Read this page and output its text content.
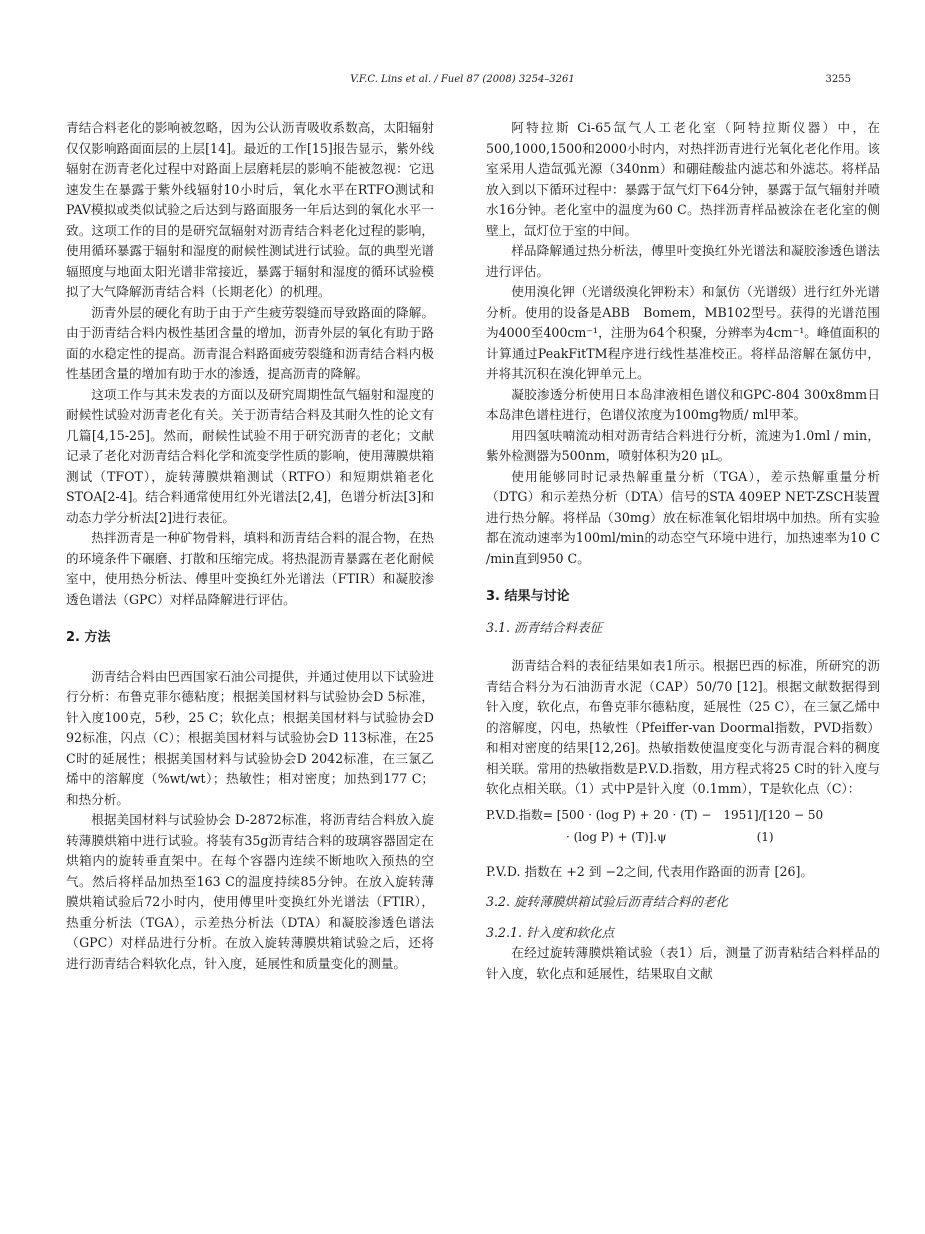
V.F.C. Lins et al. / Fuel 87 (2008) 3254–3261	3255

青结合料老化的影响被忽略，因为公认沥青吸收系数高，太阳辐射仅仅影响路面面层的上层[14]。最近的工作[15]报告显示，紫外线辐射在沥青老化过程中对路面上层磨耗层的影响不能被忽视：它迅速发生在暴露于紫外线辐射10小时后，氧化水平在RTFO测试和PAV模拟或类似试验之后达到与路面服务一年后达到的氧化水平一致。这项工作的目的是研究氙辐射对沥青结合料老化过程的影响，使用循环暴露于辐射和湿度的耐候性测试进行试验。氙的典型光谱辐照度与地面太阳光谱非常接近，暴露于辐射和湿度的循环试验模拟了大气降解沥青结合料（长期老化）的机理。

沥青外层的硬化有助于由于产生疲劳裂缝而导致路面的降解。由于沥青结合料内极性基团含量的增加，沥青外层的氧化有助于路面的水稳定性的提高。沥青混合料路面疲劳裂缝和沥青结合料内极性基团含量的增加有助于水的渗透，提高沥青的降解。

这项工作与其未发表的方面以及研究周期性氙气辐射和湿度的耐候性试验对沥青老化有关。关于沥青结合料及其耐久性的论文有几篇[4,15-25]。然而，耐候性试验不用于研究沥青的老化；文献记录了老化对沥青结合料化学和流变学性质的影响，使用薄膜烘箱测试（TFOT），旋转薄膜烘箱测试（RTFO）和短期烘箱老化STOA[2-4]。结合料通常使用红外光谱法[2,4]，色谱分析法[3]和动态力学分析法[2]进行表征。

热拌沥青是一种矿物骨料，填料和沥青结合料的混合物，在热的环境条件下碾磨、打散和压缩完成。将热混沥青暴露在老化耐候室中，使用热分析法、傅里叶变换红外光谱法（FTIR）和凝胶渗透色谱法（GPC）对样品降解进行评估。

2. 方法

沥青结合料由巴西国家石油公司提供，并通过使用以下试验进行分析：布鲁克菲尔德粘度；根据美国材料与试验协会D 5标准，针入度100克，5秒，25 C；软化点；根据美国材料与试验协会D 92标准，闪点（C）；根据美国材料与试验协会D 113标准，在25 C时的延展性；根据美国材料与试验协会D 2042标准，在三氯乙烯中的溶解度（%wt/wt）；热敏性；相对密度；加热到177 C；和热分析。

根据美国材料与试验协会 D-2872标准，将沥青结合料放入旋转薄膜烘箱中进行试验。将装有35g沥青结合料的玻璃容器固定在烘箱内的旋转垂直架中。在每个容器内连续不断地吹入预热的空气。然后将样品加热至163 C的温度持续85分钟。在放入旋转薄膜烘箱试验后72小时内，使用傅里叶变换红外光谱法（FTIR），热重分析法（TGA），示差热分析法（DTA）和凝胶渗透色谱法（GPC）对样品进行分析。在放入旋转薄膜烘箱试验之后，还将进行沥青结合料软化点，针入度，延展性和质量变化的测量。

阿特拉斯 Ci-65氙气人工老化室（阿特拉斯仪器）中，在500,1000,1500和2000小时内，对热拌沥青进行光氧化老化作用。该室采用人造氙弧光源（340nm）和硼硅酸盐内滤芯和外滤芯。将样品放入到以下循环过程中：暴露于氙气灯下64分钟，暴露于氙气辐射并喷水16分钟。老化室中的温度为60 C。热拌沥青样品被涂在老化室的侧壁上，氙灯位于室的中间。

样品降解通过热分析法，傅里叶变换红外光谱法和凝胶渗透色谱法进行评估。

使用溴化钾（光谱级溴化钾粉末）和氯仿（光谱级）进行红外光谱分析。使用的设备是ABB　Bomem，MB102型号。获得的光谱范围为4000至400cm⁻¹，注册为64个积聚，分辨率为4cm⁻¹。峰值面积的计算通过PeakFitTM程序进行线性基准校正。将样品溶解在氯仿中，并将其沉积在溴化钾单元上。

凝胶渗透分析使用日本岛津液相色谱仪和GPC-804 300x8mm日本岛津色谱柱进行，色谱仪浓度为100mg物质/ ml甲苯。

用四氢呋喃流动相对沥青结合料进行分析，流速为1.0ml / min，紫外检测器为500nm，喷射体积为20 μL。

使用能够同时记录热解重量分析（TGA），差示热解重量分析（DTG）和示差热分析（DTA）信号的STA 409EP NET-ZSCH装置进行热分解。将样品（30mg）放在标准氧化铝坩埚中加热。所有实验都在流动速率为100ml/min的动态空气环境中进行，加热速率为10 C /min直到950 C。

3. 结果与讨论
3.1. 沥青结合料表征

沥青结合料的表征结果如表1所示。根据巴西的标准，所研究的沥青结合料分为石油沥青水泥（CAP）50/70 [12]。根据文献数据得到针入度，软化点，布鲁克菲尔德粘度，延展性（25 C），在三氯乙烯中的溶解度，闪电，热敏性（Pfeiffer-van Doormal指数，PVD指数）和相对密度的结果[12,26]。热敏指数使温度变化与沥青混合料的稠度相关联。常用的热敏指数是P.V.D.指数，用方程式将25 C时的针入度与软化点相关联。（1）式中P是针入度（0.1mm），T是软化点（C）：

P.V.D.指数= [500 · (log P) + 20 · (T) −　1951]/[120 − 50
· (log P) + (T)].ψ	(1)

P.V.D. 指数在 +2 到 −2之间, 代表用作路面的沥青 [26]。

3.2. 旋转薄膜烘箱试验后沥青结合料的老化
3.2.1. 针入度和软化点

在经过旋转薄膜烘箱试验（表1）后，测量了沥青粘结合料样品的针入度，软化点和延展性，结果取自文献
